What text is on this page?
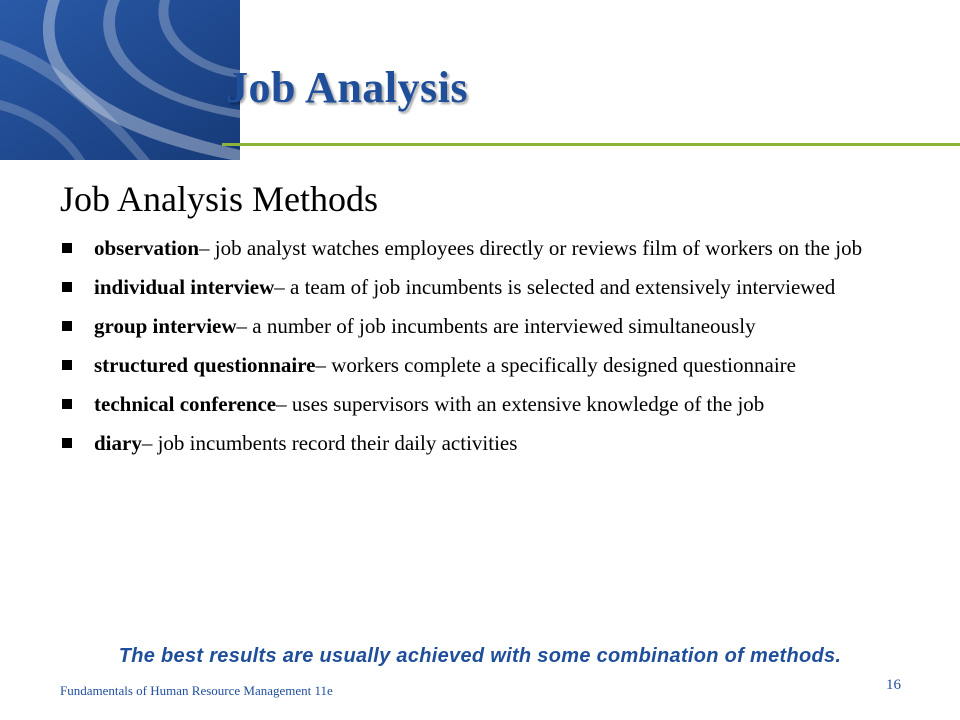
Job Analysis
Job Analysis Methods
observation– job analyst watches employees directly or reviews film of workers on the job
individual interview– a team of job incumbents is selected and extensively interviewed
group interview– a number of job incumbents are interviewed simultaneously
structured questionnaire– workers complete a specifically designed questionnaire
technical conference– uses supervisors with an extensive knowledge of the job
diary– job incumbents record their daily activities
The best results are usually achieved with some combination of methods.
Fundamentals of Human Resource Management 11e	16
